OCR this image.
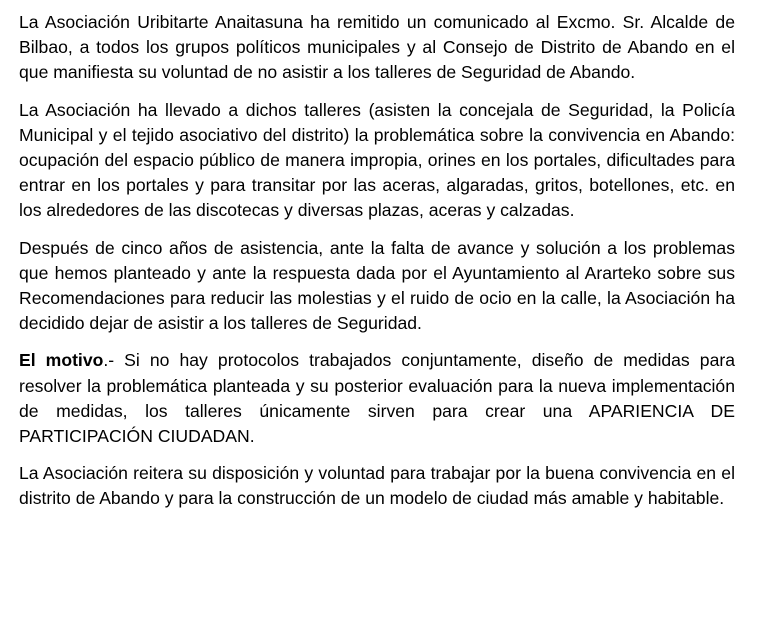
La Asociación Uribitarte Anaitasuna ha remitido un comunicado al Excmo. Sr. Alcalde de Bilbao, a todos los grupos políticos municipales y al Consejo de Distrito de Abando en el que manifiesta su voluntad de no asistir a los talleres de Seguridad de Abando.

La Asociación ha llevado a dichos talleres (asisten la concejala de Seguridad, la Policía Municipal y el tejido asociativo del distrito) la problemática sobre la convivencia en Abando: ocupación del espacio público de manera impropia, orines en los portales, dificultades para entrar en los portales y para transitar por las aceras, algaradas, gritos, botellones, etc. en los alrededores de las discotecas y diversas plazas, aceras y calzadas.

Después de cinco años de asistencia, ante la falta de avance y solución a los problemas que hemos planteado y ante la respuesta dada por el Ayuntamiento al Ararteko sobre sus Recomendaciones para reducir las molestias y el ruido de ocio en la calle, la Asociación ha decidido dejar de asistir a los talleres de Seguridad.

El motivo.- Si no hay protocolos trabajados conjuntamente, diseño de medidas para resolver la problemática planteada y su posterior evaluación para la nueva implementación de medidas, los talleres únicamente sirven para crear una APARIENCIA DE PARTICIPACIÓN CIUDADAN.

La Asociación reitera su disposición y voluntad para trabajar por la buena convivencia en el distrito de Abando y para la construcción de un modelo de ciudad más amable y habitable.
